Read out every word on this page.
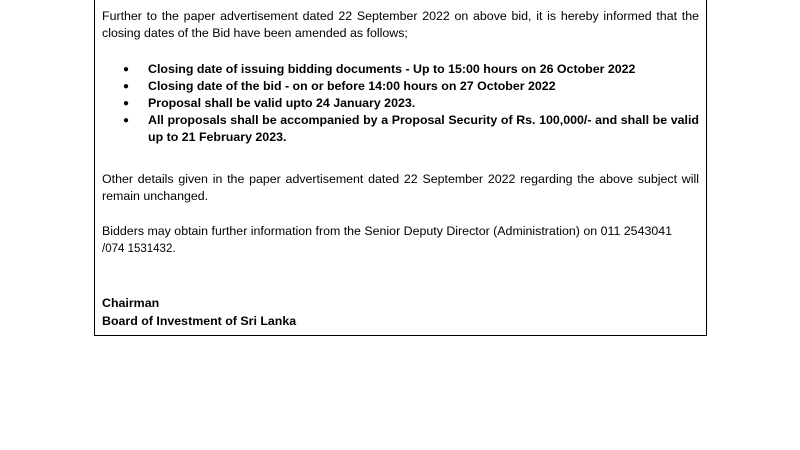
Further to the paper advertisement dated 22 September 2022 on above bid, it is hereby informed that the closing dates of the Bid have been amended as follows;

● Closing date of issuing bidding documents - Up to 15:00 hours on 26 October 2022
● Closing date of the bid - on or before 14:00 hours on 27 October 2022
● Proposal shall be valid upto 24 January 2023.
● All proposals shall be accompanied by a Proposal Security of Rs. 100,000/- and shall be valid up to 21 February 2023.

Other details given in the paper advertisement dated 22 September 2022 regarding the above subject will remain unchanged.

Bidders may obtain further information from the Senior Deputy Director (Administration) on 011 2543041
/074 1531432.

Chairman

Board of Investment of Sri Lanka
